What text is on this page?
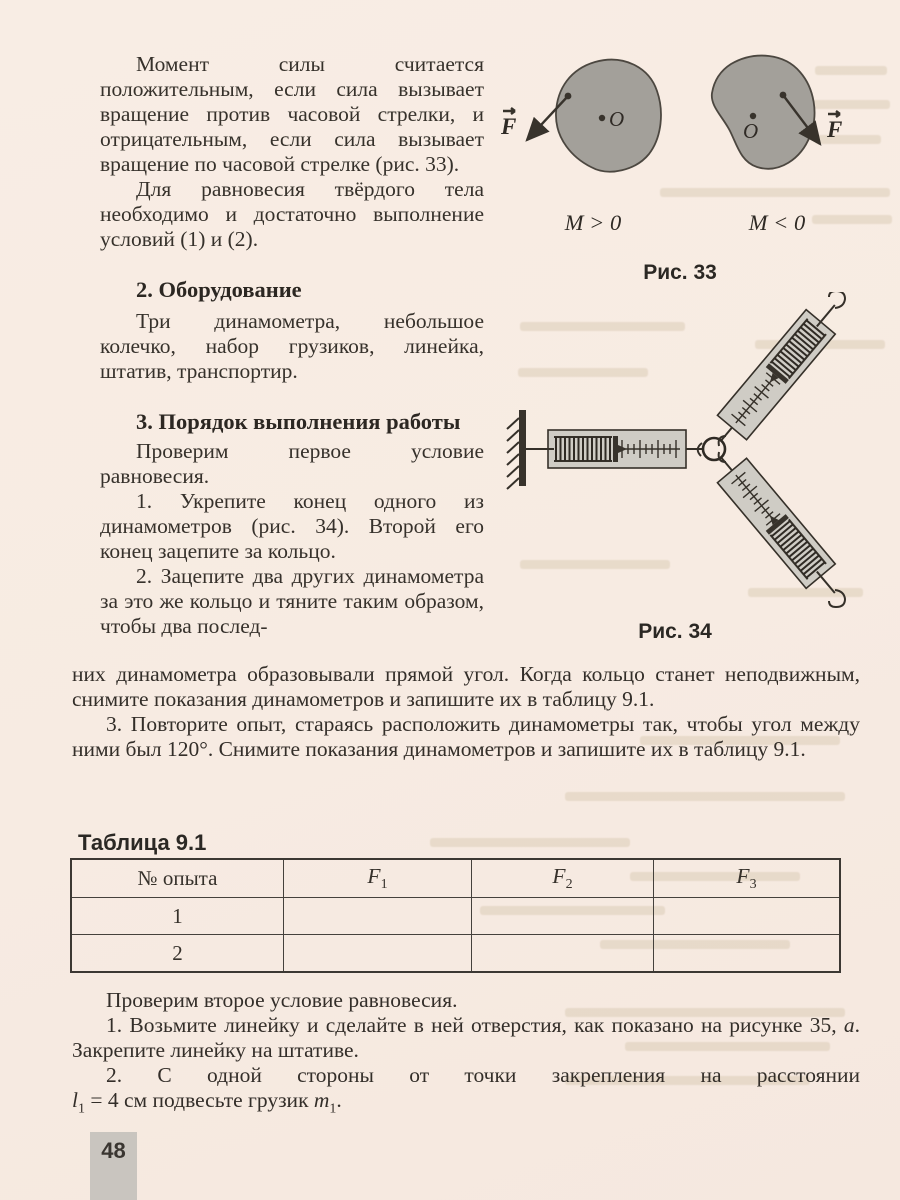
Момент силы считается положительным, если сила вызывает вращение против часовой стрелки, и отрицательным, если сила вызывает вращение по часовой стрелке (рис. 33).

Для равновесия твёрдого тела необходимо и достаточно выполнение условий (1) и (2).

2. Оборудование

Три динамометра, небольшое колечко, набор грузиков, линейка, штатив, транспортир.

3. Порядок выполнения работы

Проверим первое условие равновесия.

1. Укрепите конец одного из динамометров (рис. 34). Второй его конец зацепите за кольцо.

2. Зацепите два других динамометра за это же кольцо и тяните таким образом, чтобы два послед-

O
F	O	F
M > 0	M < 0
Рис. 33
Рис. 34

них динамометра образовывали прямой угол. Когда кольцо станет неподвижным, снимите показания динамометров и запишите их в таблицу 9.1.

3. Повторите опыт, стараясь расположить динамометры так, чтобы угол между ними был 120°. Снимите показания динамометров и запишите их в таблицу 9.1.

Таблица 9.1
№ опыта	$F_1$	$F_2$	$F_3$
1			
2			

Проверим второе условие равновесия.

1. Возьмите линейку и сделайте в ней отверстия, как показано на рисунке 35, а. Закрепите линейку на штативе.

2. С одной стороны от точки закрепления на расстоянии

$l_1 = 4$ см подвесьте грузик $m_1$.

48
